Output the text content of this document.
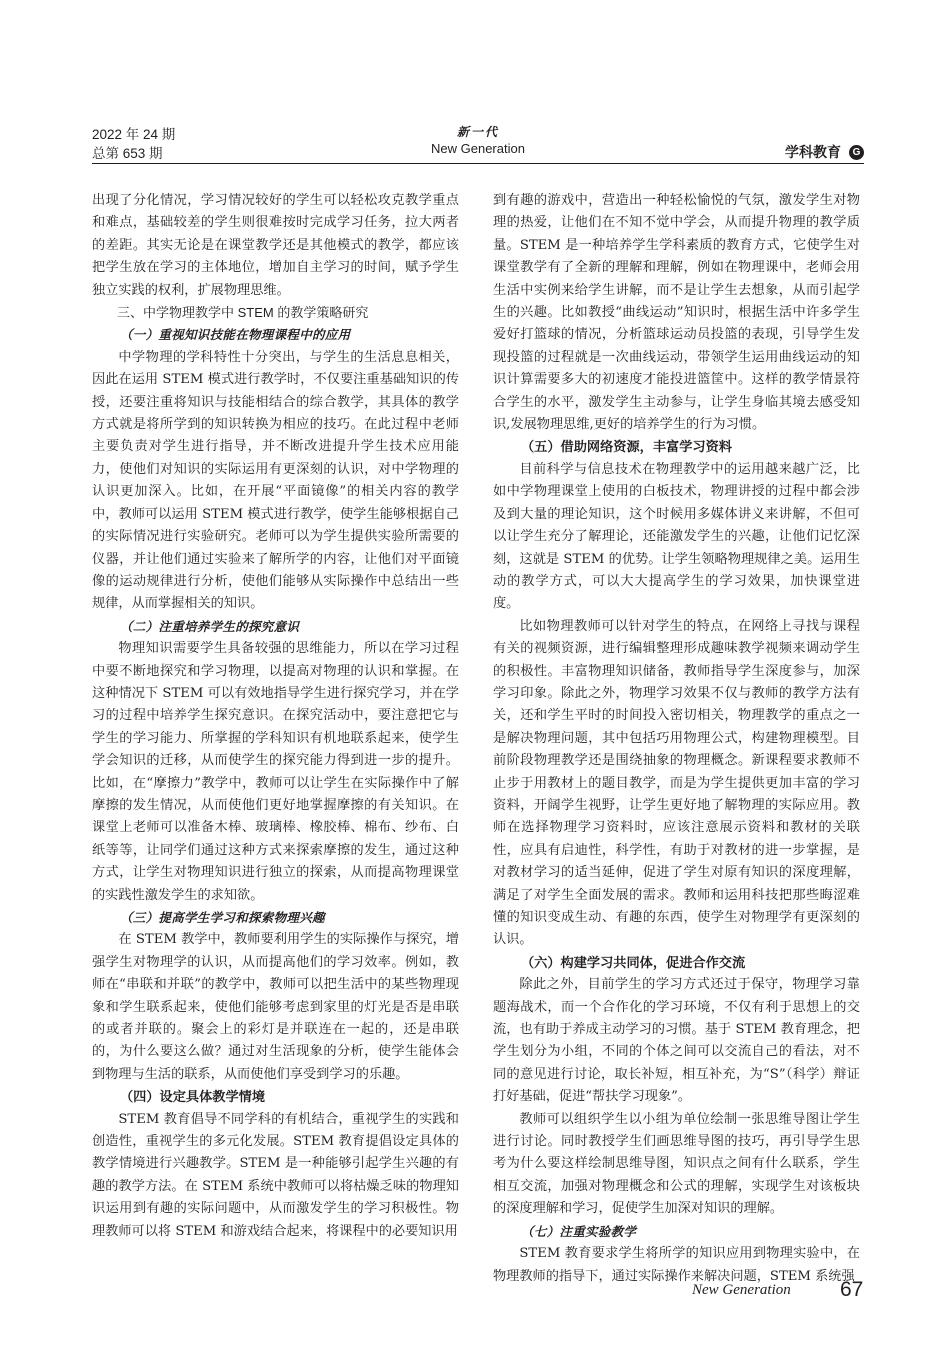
2022 年 24 期
总第 653 期
新一代
New Generation	学科教育	G

出现了分化情况，学习情况较好的学生可以轻松攻克教学重点和难点，基础较差的学生则很难按时完成学习任务，拉大两者的差距。其实无论是在课堂教学还是其他模式的教学，都应该把学生放在学习的主体地位，增加自主学习的时间，赋予学生独立实践的权利，扩展物理思维。

三、中学物理教学中 STEM 的教学策略研究
（一）重视知识技能在物理课程中的应用

中学物理的学科特性十分突出，与学生的生活息息相关，因此在运用 STEM 模式进行教学时，不仅要注重基础知识的传授，还要注重将知识与技能相结合的综合教学，其具体的教学方式就是将所学到的知识转换为相应的技巧。在此过程中老师主要负责对学生进行指导，并不断改进提升学生技术应用能力，使他们对知识的实际运用有更深刻的认识，对中学物理的认识更加深入。比如，在开展“平面镜像”的相关内容的教学中，教师可以运用 STEM 模式进行教学，使学生能够根据自己的实际情况进行实验研究。老师可以为学生提供实验所需要的仪器，并让他们通过实验来了解所学的内容，让他们对平面镜像的运动规律进行分析，使他们能够从实际操作中总结出一些规律，从而掌握相关的知识。

（二）注重培养学生的探究意识

物理知识需要学生具备较强的思维能力，所以在学习过程中要不断地探究和学习物理，以提高对物理的认识和掌握。在这种情况下 STEM 可以有效地指导学生进行探究学习，并在学习的过程中培养学生探究意识。在探究活动中，要注意把它与学生的学习能力、所掌握的学科知识有机地联系起来，使学生学会知识的迁移，从而使学生的探究能力得到进一步的提升。比如，在“摩擦力”教学中，教师可以让学生在实际操作中了解摩擦的发生情况，从而使他们更好地掌握摩擦的有关知识。在课堂上老师可以准备木棒、玻璃棒、橡胶棒、棉布、纱布、白纸等等，让同学们通过这种方式来探索摩擦的发生，通过这种方式，让学生对物理知识进行独立的探索，从而提高物理课堂的实践性激发学生的求知欲。

（三）提高学生学习和探索物理兴趣

在 STEM 教学中，教师要利用学生的实际操作与探究，增强学生对物理学的认识，从而提高他们的学习效率。例如，教师在“串联和并联”的教学中，教师可以把生活中的某些物理现象和学生联系起来，使他们能够考虑到家里的灯光是否是串联的或者并联的。聚会上的彩灯是并联连在一起的，还是串联的，为什么要这么做？通过对生活现象的分析，使学生能体会到物理与生活的联系，从而使他们享受到学习的乐趣。

（四）设定具体教学情境

STEM 教育倡导不同学科的有机结合，重视学生的实践和创造性，重视学生的多元化发展。STEM 教育提倡设定具体的教学情境进行兴趣教学。STEM 是一种能够引起学生兴趣的有趣的教学方法。在 STEM 系统中教师可以将枯燥乏味的物理知识运用到有趣的实际问题中，从而激发学生的学习积极性。物理教师可以将 STEM 和游戏结合起来，将课程中的必要知识用

到有趣的游戏中，营造出一种轻松愉悦的气氛，激发学生对物理的热爱，让他们在不知不觉中学会，从而提升物理的教学质量。STEM 是一种培养学生学科素质的教育方式，它使学生对课堂教学有了全新的理解和理解，例如在物理课中，老师会用生活中实例来给学生讲解，而不是让学生去想象，从而引起学生的兴趣。比如教授“曲线运动”知识时，根据生活中许多学生爱好打篮球的情况，分析篮球运动员投篮的表现，引导学生发现投篮的过程就是一次曲线运动，带领学生运用曲线运动的知识计算需要多大的初速度才能投进篮筐中。这样的教学情景符合学生的水平，激发学生主动参与，让学生身临其境去感受知识,发展物理思维,更好的培养学生的行为习惯。

（五）借助网络资源，丰富学习资料

目前科学与信息技术在物理教学中的运用越来越广泛，比如中学物理课堂上使用的白板技术，物理讲授的过程中都会涉及到大量的理论知识，这个时候用多媒体讲义来讲解，不但可以让学生充分了解理论，还能激发学生的兴趣，让他们记忆深刻，这就是 STEM 的优势。让学生领略物理规律之美。运用生动的教学方式，可以大大提高学生的学习效果，加快课堂进度。

比如物理教师可以针对学生的特点，在网络上寻找与课程有关的视频资源，进行编辑整理形成趣味教学视频来调动学生的积极性。丰富物理知识储备，教师指导学生深度参与，加深学习印象。除此之外，物理学习效果不仅与教师的教学方法有关，还和学生平时的时间投入密切相关，物理教学的重点之一是解决物理问题，其中包括巧用物理公式，构建物理模型。目前阶段物理教学还是围绕抽象的物理概念。新课程要求教师不止步于用教材上的题目教学，而是为学生提供更加丰富的学习资料，开阔学生视野，让学生更好地了解物理的实际应用。教师在选择物理学习资料时，应该注意展示资料和教材的关联性，应具有启迪性，科学性，有助于对教材的进一步掌握，是对教材学习的适当延伸，促进了学生对原有知识的深度理解，满足了对学生全面发展的需求。教师和运用科技把那些晦涩难懂的知识变成生动、有趣的东西，使学生对物理学有更深刻的认识。

（六）构建学习共同体，促进合作交流

除此之外，目前学生的学习方式还过于保守，物理学习靠题海战术，而一个合作化的学习环境，不仅有利于思想上的交流，也有助于养成主动学习的习惯。基于 STEM 教育理念，把学生划分为小组，不同的个体之间可以交流自己的看法，对不同的意见进行讨论，取长补短，相互补充，为“S”（科学）辩证打好基础，促进“帮扶学习现象”。

教师可以组织学生以小组为单位绘制一张思维导图让学生进行讨论。同时教授学生们画思维导图的技巧，再引导学生思考为什么要这样绘制思维导图，知识点之间有什么联系，学生相互交流，加强对物理概念和公式的理解，实现学生对该板块的深度理解和学习，促使学生加深对知识的理解。

（七）注重实验教学

STEM 教育要求学生将所学的知识应用到物理实验中，在物理教师的指导下，通过实际操作来解决问题，STEM 系统强

New Generation 67
